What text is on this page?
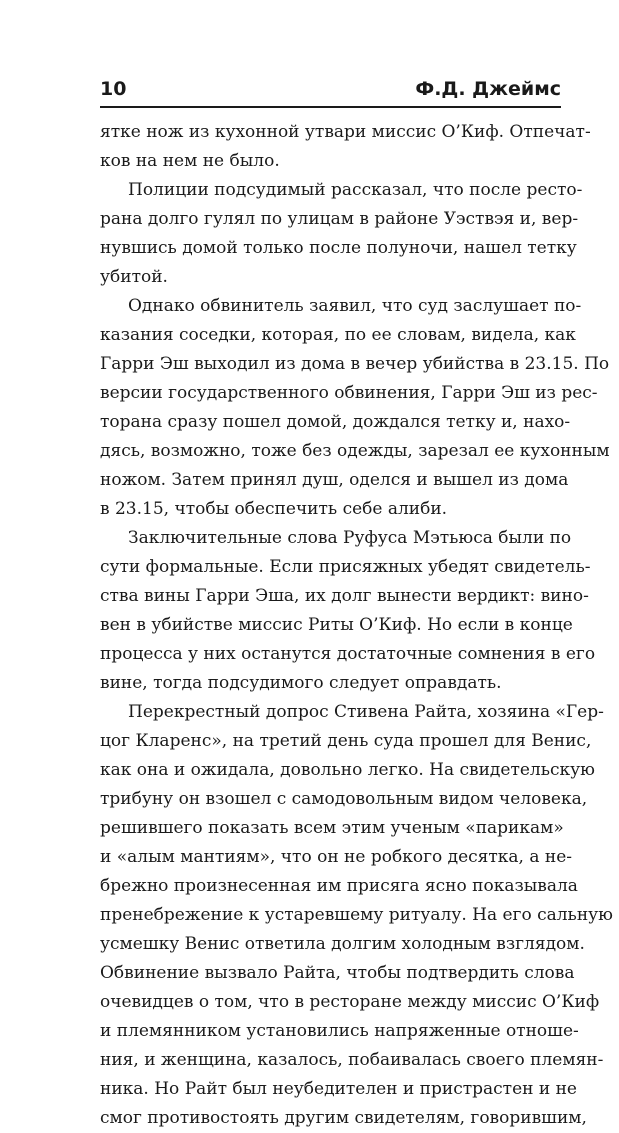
10	Ф.Д. Джеймс
ятке нож из кухонной утвари миссис О’Киф. Отпечат-
ков на нем не было.
Полиции подсудимый рассказал, что после ресто-
рана долго гулял по улицам в районе Уэствэя и, вер-
нувшись домой только после полуночи, нашел тетку
убитой.
Однако обвинитель заявил, что суд заслушает по-
казания соседки, которая, по ее словам, видела, как
Гарри Эш выходил из дома в вечер убийства в 23.15. По
версии государственного обвинения, Гарри Эш из рес-
торана сразу пошел домой, дождался тетку и, нахо-
дясь, возможно, тоже без одежды, зарезал ее кухонным
ножом. Затем принял душ, оделся и вышел из дома
в 23.15, чтобы обеспечить себе алиби.
Заключительные слова Руфуса Мэтьюса были по
сути формальные. Если присяжных убедят свидетель-
ства вины Гарри Эша, их долг вынести вердикт: вино-
вен в убийстве миссис Риты О’Киф. Но если в конце
процесса у них останутся достаточные сомнения в его
вине, тогда подсудимого следует оправдать.
Перекрестный допрос Стивена Райта, хозяина «Гер-
цог Кларенс», на третий день суда прошел для Венис,
как она и ожидала, довольно легко. На свидетельскую
трибуну он взошел с самодовольным видом человека,
решившего показать всем этим ученым «парикам»
и «алым мантиям», что он не робкого десятка, а не-
брежно произнесенная им присяга ясно показывала
пренебрежение к устаревшему ритуалу. На его сальную
усмешку Венис ответила долгим холодным взглядом.
Обвинение вызвало Райта, чтобы подтвердить слова
очевидцев о том, что в ресторане между миссис О’Киф
и племянником установились напряженные отноше-
ния, и женщина, казалось, побаивалась своего племян-
ника. Но Райт был неубедителен и пристрастен и не
смог противостоять другим свидетелям, говорившим,
